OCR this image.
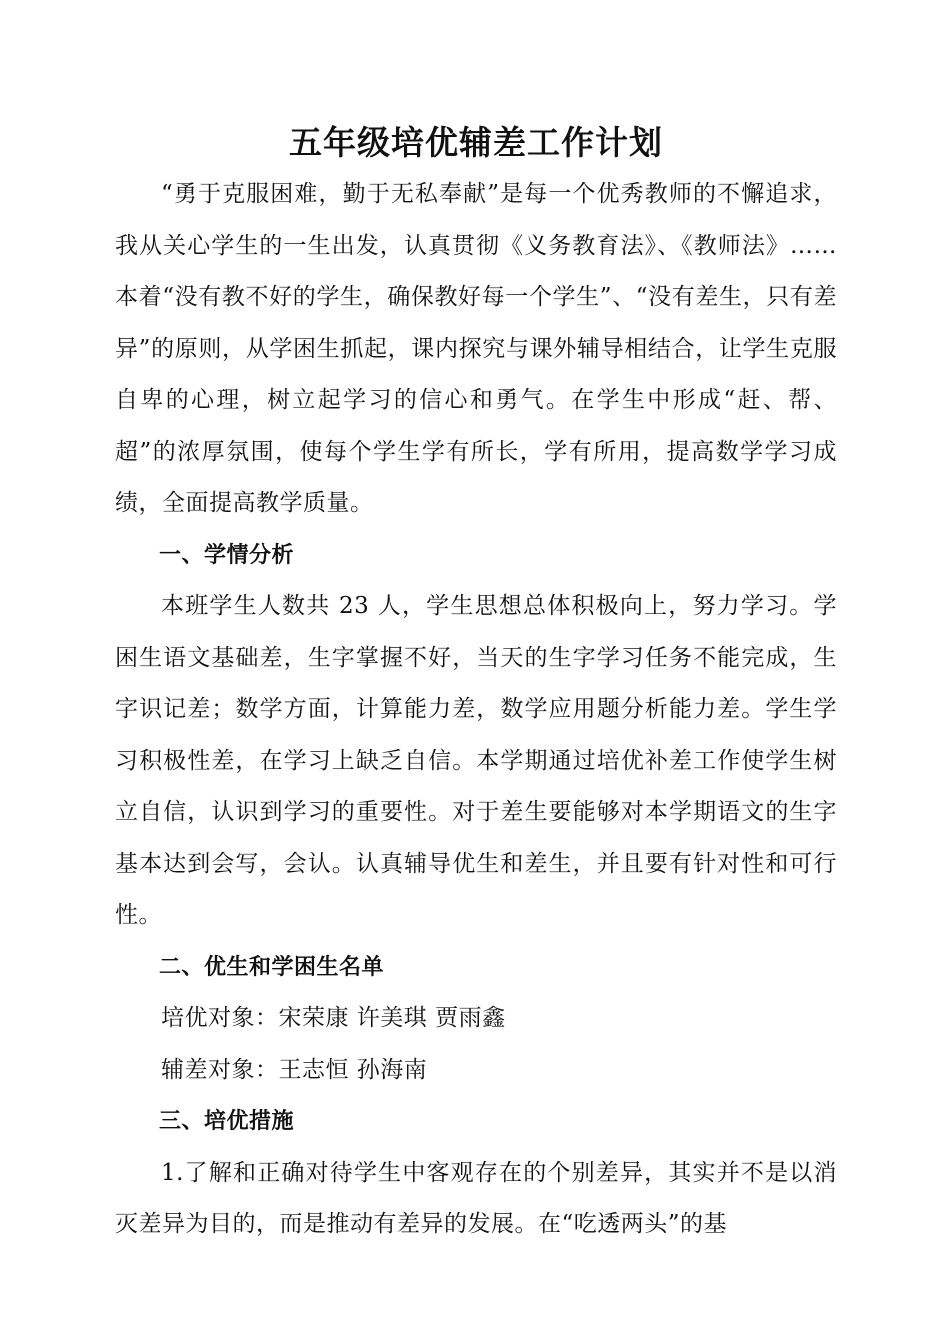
五年级培优辅差工作计划

“勇于克服困难，勤于无私奉献”是每一个优秀教师的不懈追求，我从关心学生的一生出发，认真贯彻《义务教育法》、《教师法》……本着“没有教不好的学生，确保教好每一个学生”、“没有差生，只有差异”的原则，从学困生抓起，课内探究与课外辅导相结合，让学生克服自卑的心理，树立起学习的信心和勇气。在学生中形成“赶、帮、超”的浓厚氛围，使每个学生学有所长，学有所用，提高数学学习成绩，全面提高教学质量。

一、学情分析

本班学生人数共 23 人，学生思想总体积极向上，努力学习。学困生语文基础差，生字掌握不好，当天的生字学习任务不能完成，生字识记差；数学方面，计算能力差，数学应用题分析能力差。学生学习积极性差，在学习上缺乏自信。本学期通过培优补差工作使学生树立自信，认识到学习的重要性。对于差生要能够对本学期语文的生字基本达到会写，会认。认真辅导优生和差生，并且要有针对性和可行性。

二、优生和学困生名单

培优对象：宋荣康 许美琪 贾雨鑫

辅差对象：王志恒 孙海南

三、培优措施

1.了解和正确对待学生中客观存在的个别差异，其实并不是以消灭差异为目的，而是推动有差异的发展。在“吃透两头”的基
